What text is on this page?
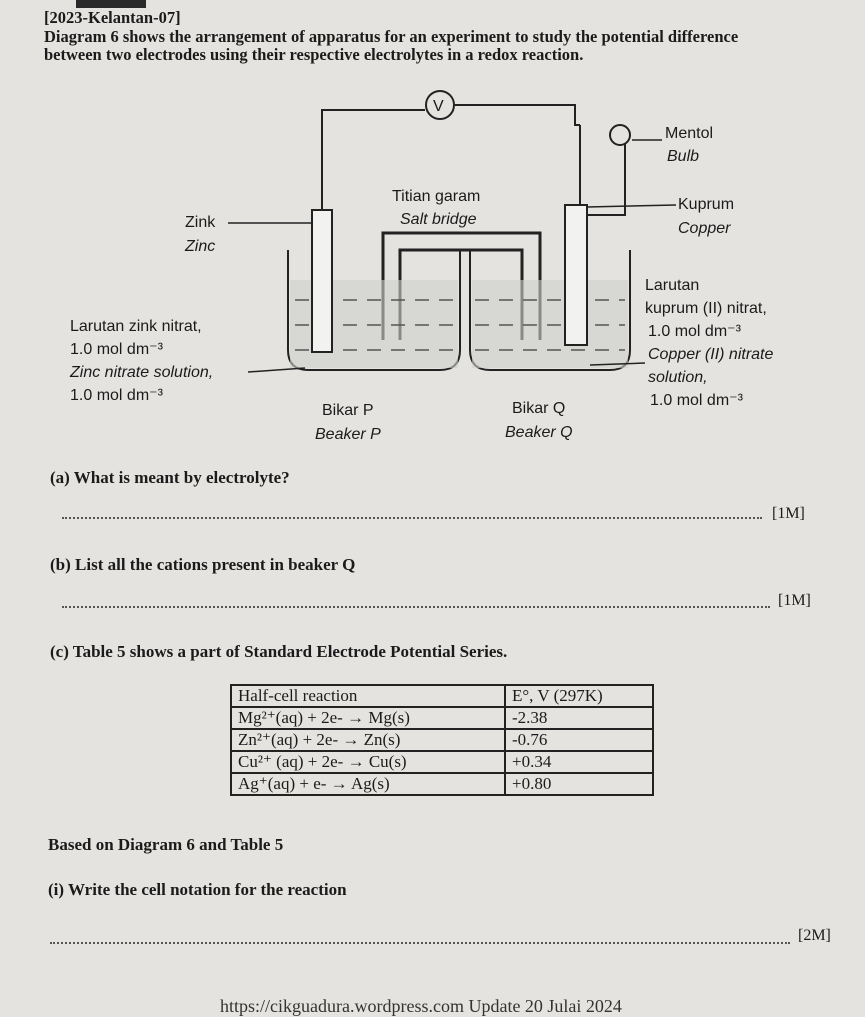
[2023-Kelantan-07]
Diagram 6 shows the arrangement of apparatus for an experiment to study the potential difference between two electrodes using their respective electrolytes in a redox reaction.
V
Mentol
Bulb
Titian garam
Salt bridge
Zink
Zinc
Kuprum
Copper
Larutan zink nitrat,
1.0 mol dm⁻³
Zinc nitrate solution,
1.0 mol dm⁻³
Larutan
kuprum (II) nitrat,
1.0 mol dm⁻³
Copper (II) nitrate
solution,
1.0 mol dm⁻³
Bikar P
Beaker P
Bikar Q
Beaker Q
(a) What is meant by electrolyte?
[1M]
(b) List all the cations present in beaker Q
[1M]
(c) Table 5 shows a part of Standard Electrode Potential Series.
Half-cell reaction	E°, V (297K)
Mg²⁺(aq) + 2e- → Mg(s)	-2.38
Zn²⁺(aq) + 2e- → Zn(s)	-0.76
Cu²⁺ (aq) + 2e- → Cu(s)	+0.34
Ag⁺(aq) + e- → Ag(s)	+0.80
Based on Diagram 6 and Table 5
(i) Write the cell notation for the reaction
[2M]
https://cikguadura.wordpress.com Update 20 Julai 2024
